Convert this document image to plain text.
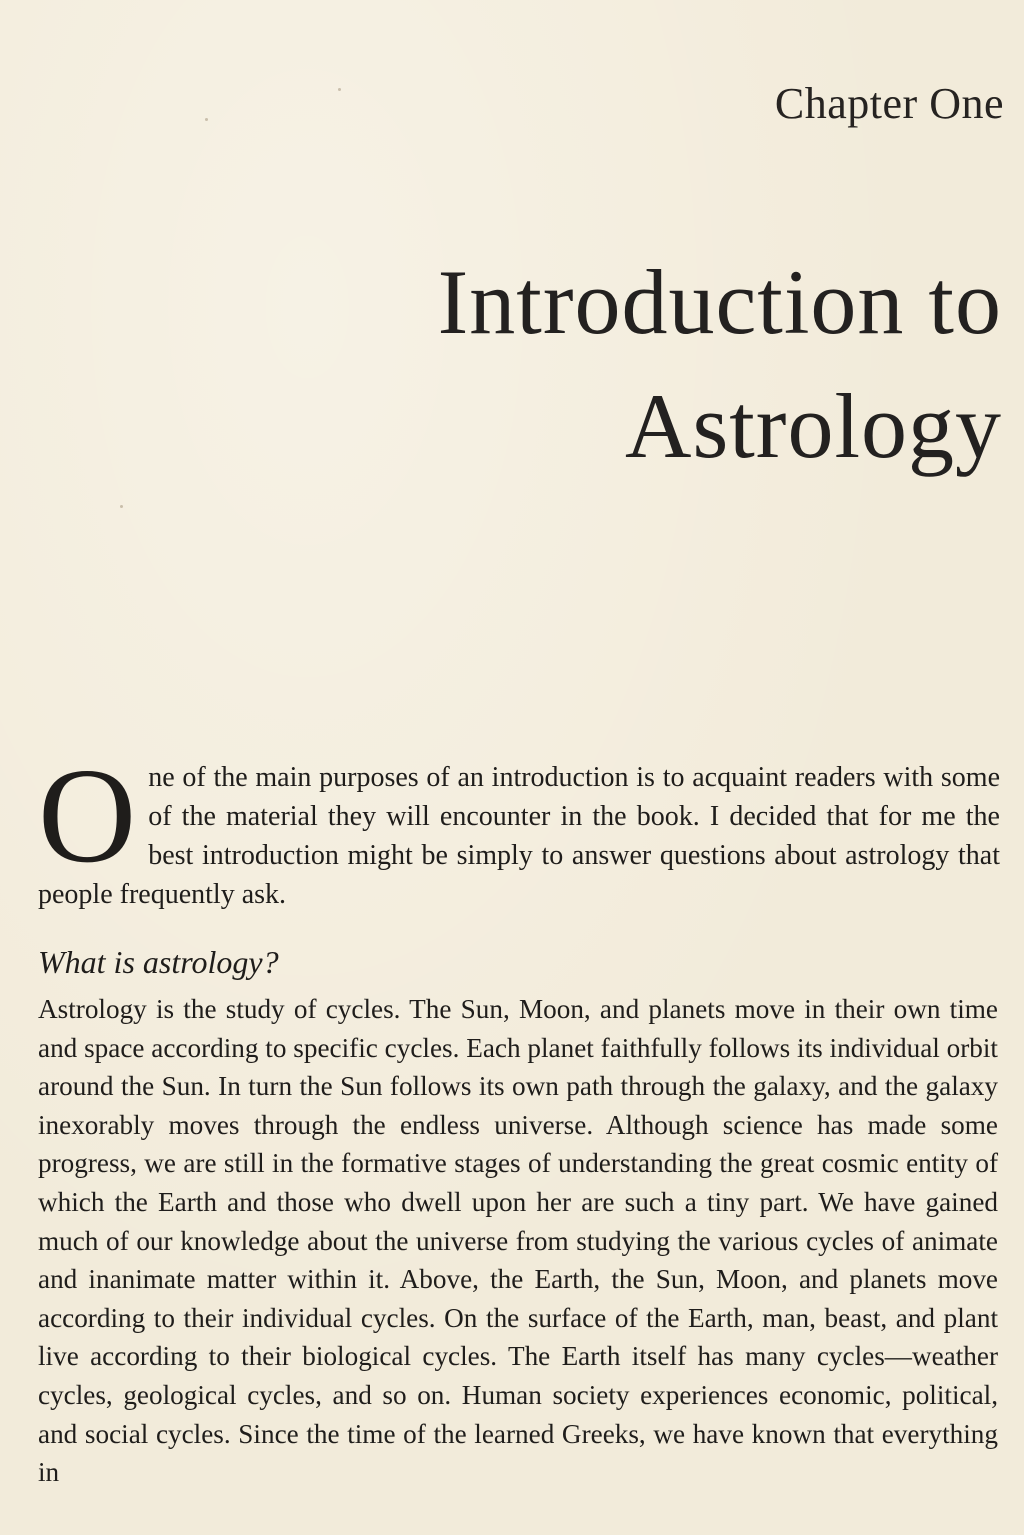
Chapter One
Introduction to
Astrology
O ne of the main purposes of an introduction is to acquaint readers with some of the material they will encounter in the book. I decided that for me the best introduction might be simply to answer questions about astrology that people frequently ask.
What is astrology?
Astrology is the study of cycles. The Sun, Moon, and planets move in their own time and space according to specific cycles. Each planet faithfully follows its individual orbit around the Sun. In turn the Sun follows its own path through the galaxy, and the galaxy inexorably moves through the endless universe. Although science has made some progress, we are still in the formative stages of understanding the great cosmic entity of which the Earth and those who dwell upon her are such a tiny part. We have gained much of our knowledge about the universe from studying the various cycles of animate and inanimate matter within it. Above, the Earth, the Sun, Moon, and planets move according to their individual cycles. On the surface of the Earth, man, beast, and plant live according to their biological cycles. The Earth itself has many cycles—weather cycles, geological cycles, and so on. Human society experiences economic, political, and social cycles. Since the time of the learned Greeks, we have known that everything in
